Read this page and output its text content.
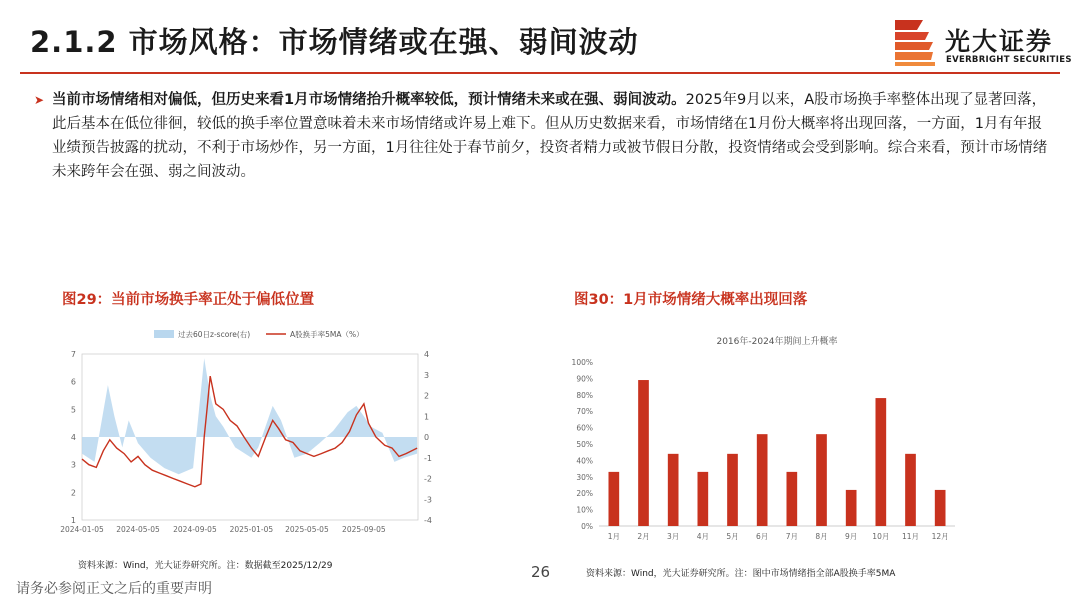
2.1.2 市场风格：市场情绪或在强、弱间波动	光大证券
EVERBRIGHT SECURITIES
➤ 当前市场情绪相对偏低，但历史来看1月市场情绪抬升概率较低，预计情绪未来或在强、弱间波动。2025年9月以来，A股市场换手率整体出现了显著回落，此后基本在低位徘徊，较低的换手率位置意味着未来市场情绪或许易上难下。但从历史数据来看，市场情绪在1月份大概率将出现回落，一方面，1月有年报业绩预告披露的扰动，不利于市场炒作，另一方面，1月往往处于春节前夕，投资者精力或被节假日分散，投资情绪或会受到影响。综合来看，预计市场情绪未来跨年会在强、弱之间波动。

图29：当前市场换手率正处于偏低位置
过去60日z-score(右)	A股换手率5MA（%）
1
2
3
4
5
6
7
-4
-3
-2
-1
0
1
2
3
4
2024-01-05 2024-05-05 2024-09-05 2025-01-05 2025-05-05 2025-09-05
资料来源：Wind，光大证券研究所。注：数据截至2025/12/29
图30：1月市场情绪大概率出现回落
2016年-2024年期间上升概率
0%
10%
20%
30%
40%
50%
60%
70%
80%
90%
100%
1月 2月 3月 4月 5月 6月 7月 8月 9月 10月 11月 12月
资料来源：Wind，光大证券研究所。注：图中市场情绪指全部A股换手率5MA
26
请务必参阅正文之后的重要声明
